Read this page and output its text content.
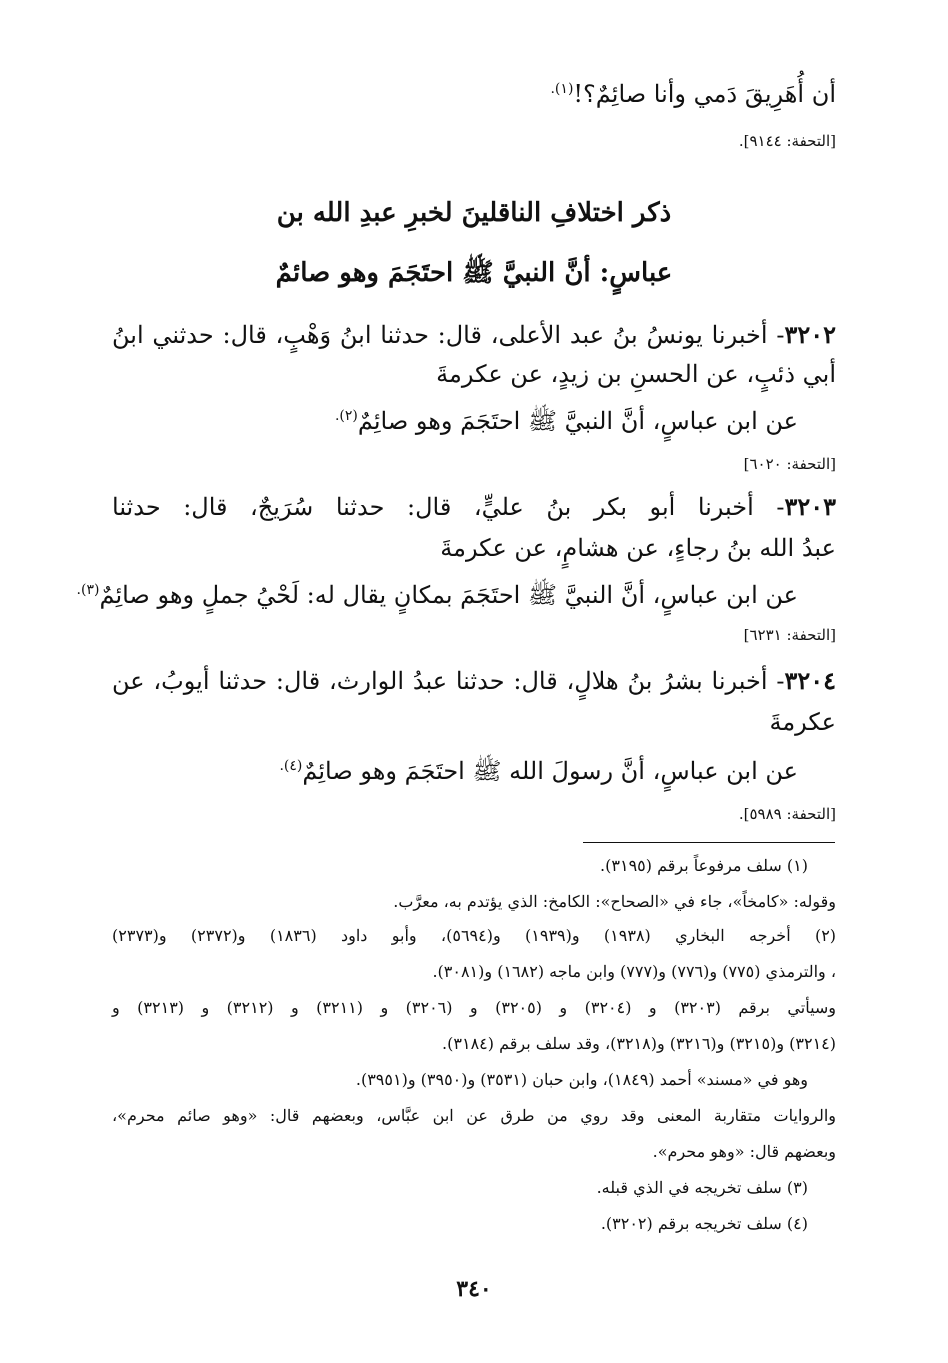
أن أُهَرِيقَ دَمي وأنا صائِمٌ؟!$^{(١).}$
[التحفة: ٩١٤٤].
ذكر اختلافِ الناقلينَ لخبرِ عبدِ الله بن
عباسٍ: أنَّ النبيَّ ﷺ احتَجَمَ وهو صائمٌ
٣٢٠٢- أخبرنا يونسُ بنُ عبد الأعلى، قال: حدثنا ابنُ وَهْبٍ، قال: حدثني ابنُ
أبي ذئبٍ، عن الحسنِ بن زيدٍ، عن عكرمةَ
عن ابن عباسٍ، أنَّ النبيَّ ﷺ احتَجَمَ وهو صائِمٌ$^{(٢).}$
[التحفة: ٦٠٢٠]
٣٢٠٣- أخبرنا أبو بكر بنُ عليٍّ، قال: حدثنا سُرَيجٌ، قال: حدثنا
عبدُ الله بنُ رجاءٍ، عن هشامٍ، عن عكرمةَ
عن ابن عباسٍ، أنَّ النبيَّ ﷺ احتَجَمَ بمكانٍ يقال له: لَحْيُ جملٍ وهو صائِمٌ$^{(٣).}$
[التحفة: ٦٢٣١]
٣٢٠٤- أخبرنا بشرُ بنُ هلالٍ، قال: حدثنا عبدُ الوارث، قال: حدثنا أيوبُ، عن
عكرمةَ
عن ابن عباسٍ، أنَّ رسولَ الله ﷺ احتَجَمَ وهو صائِمٌ$^{(٤).}$
[التحفة: ٥٩٨٩].
(١) سلف مرفوعاً برقم (٣١٩٥).
وقوله: «كامخاً»، جاء في «الصحاح»: الكامخ: الذي يؤتدم به، معرَّب.
(٢) أخرجه البخاري (١٩٣٨) و(١٩٣٩) و(٥٦٩٤)، وأبو داود (١٨٣٦) و(٢٣٧٢) و(٢٣٧٣)
، والترمذي (٧٧٥) و(٧٧٦) و(٧٧٧) وابن ماجه (١٦٨٢) و(٣٠٨١).
وسيأتي برقم (٣٢٠٣) و (٣٢٠٤) و (٣٢٠٥) و (٣٢٠٦) و (٣٢١١) و (٣٢١٢) و (٣٢١٣) و
(٣٢١٤) و(٣٢١٥) و(٣٢١٦) و(٣٢١٨)، وقد سلف برقم (٣١٨٤).
وهو في «مسند» أحمد (١٨٤٩)، وابن حبان (٣٥٣١) و(٣٩٥٠) و(٣٩٥١).
والروايات متقاربة المعنى وقد روي من طرق عن ابن عبَّاس، وبعضهم قال: «وهو صائم محرم»،
وبعضهم قال: «وهو محرم».
(٣) سلف تخريجه في الذي قبله.
(٤) سلف تخريجه برقم (٣٢٠٢).
٣٤٠
